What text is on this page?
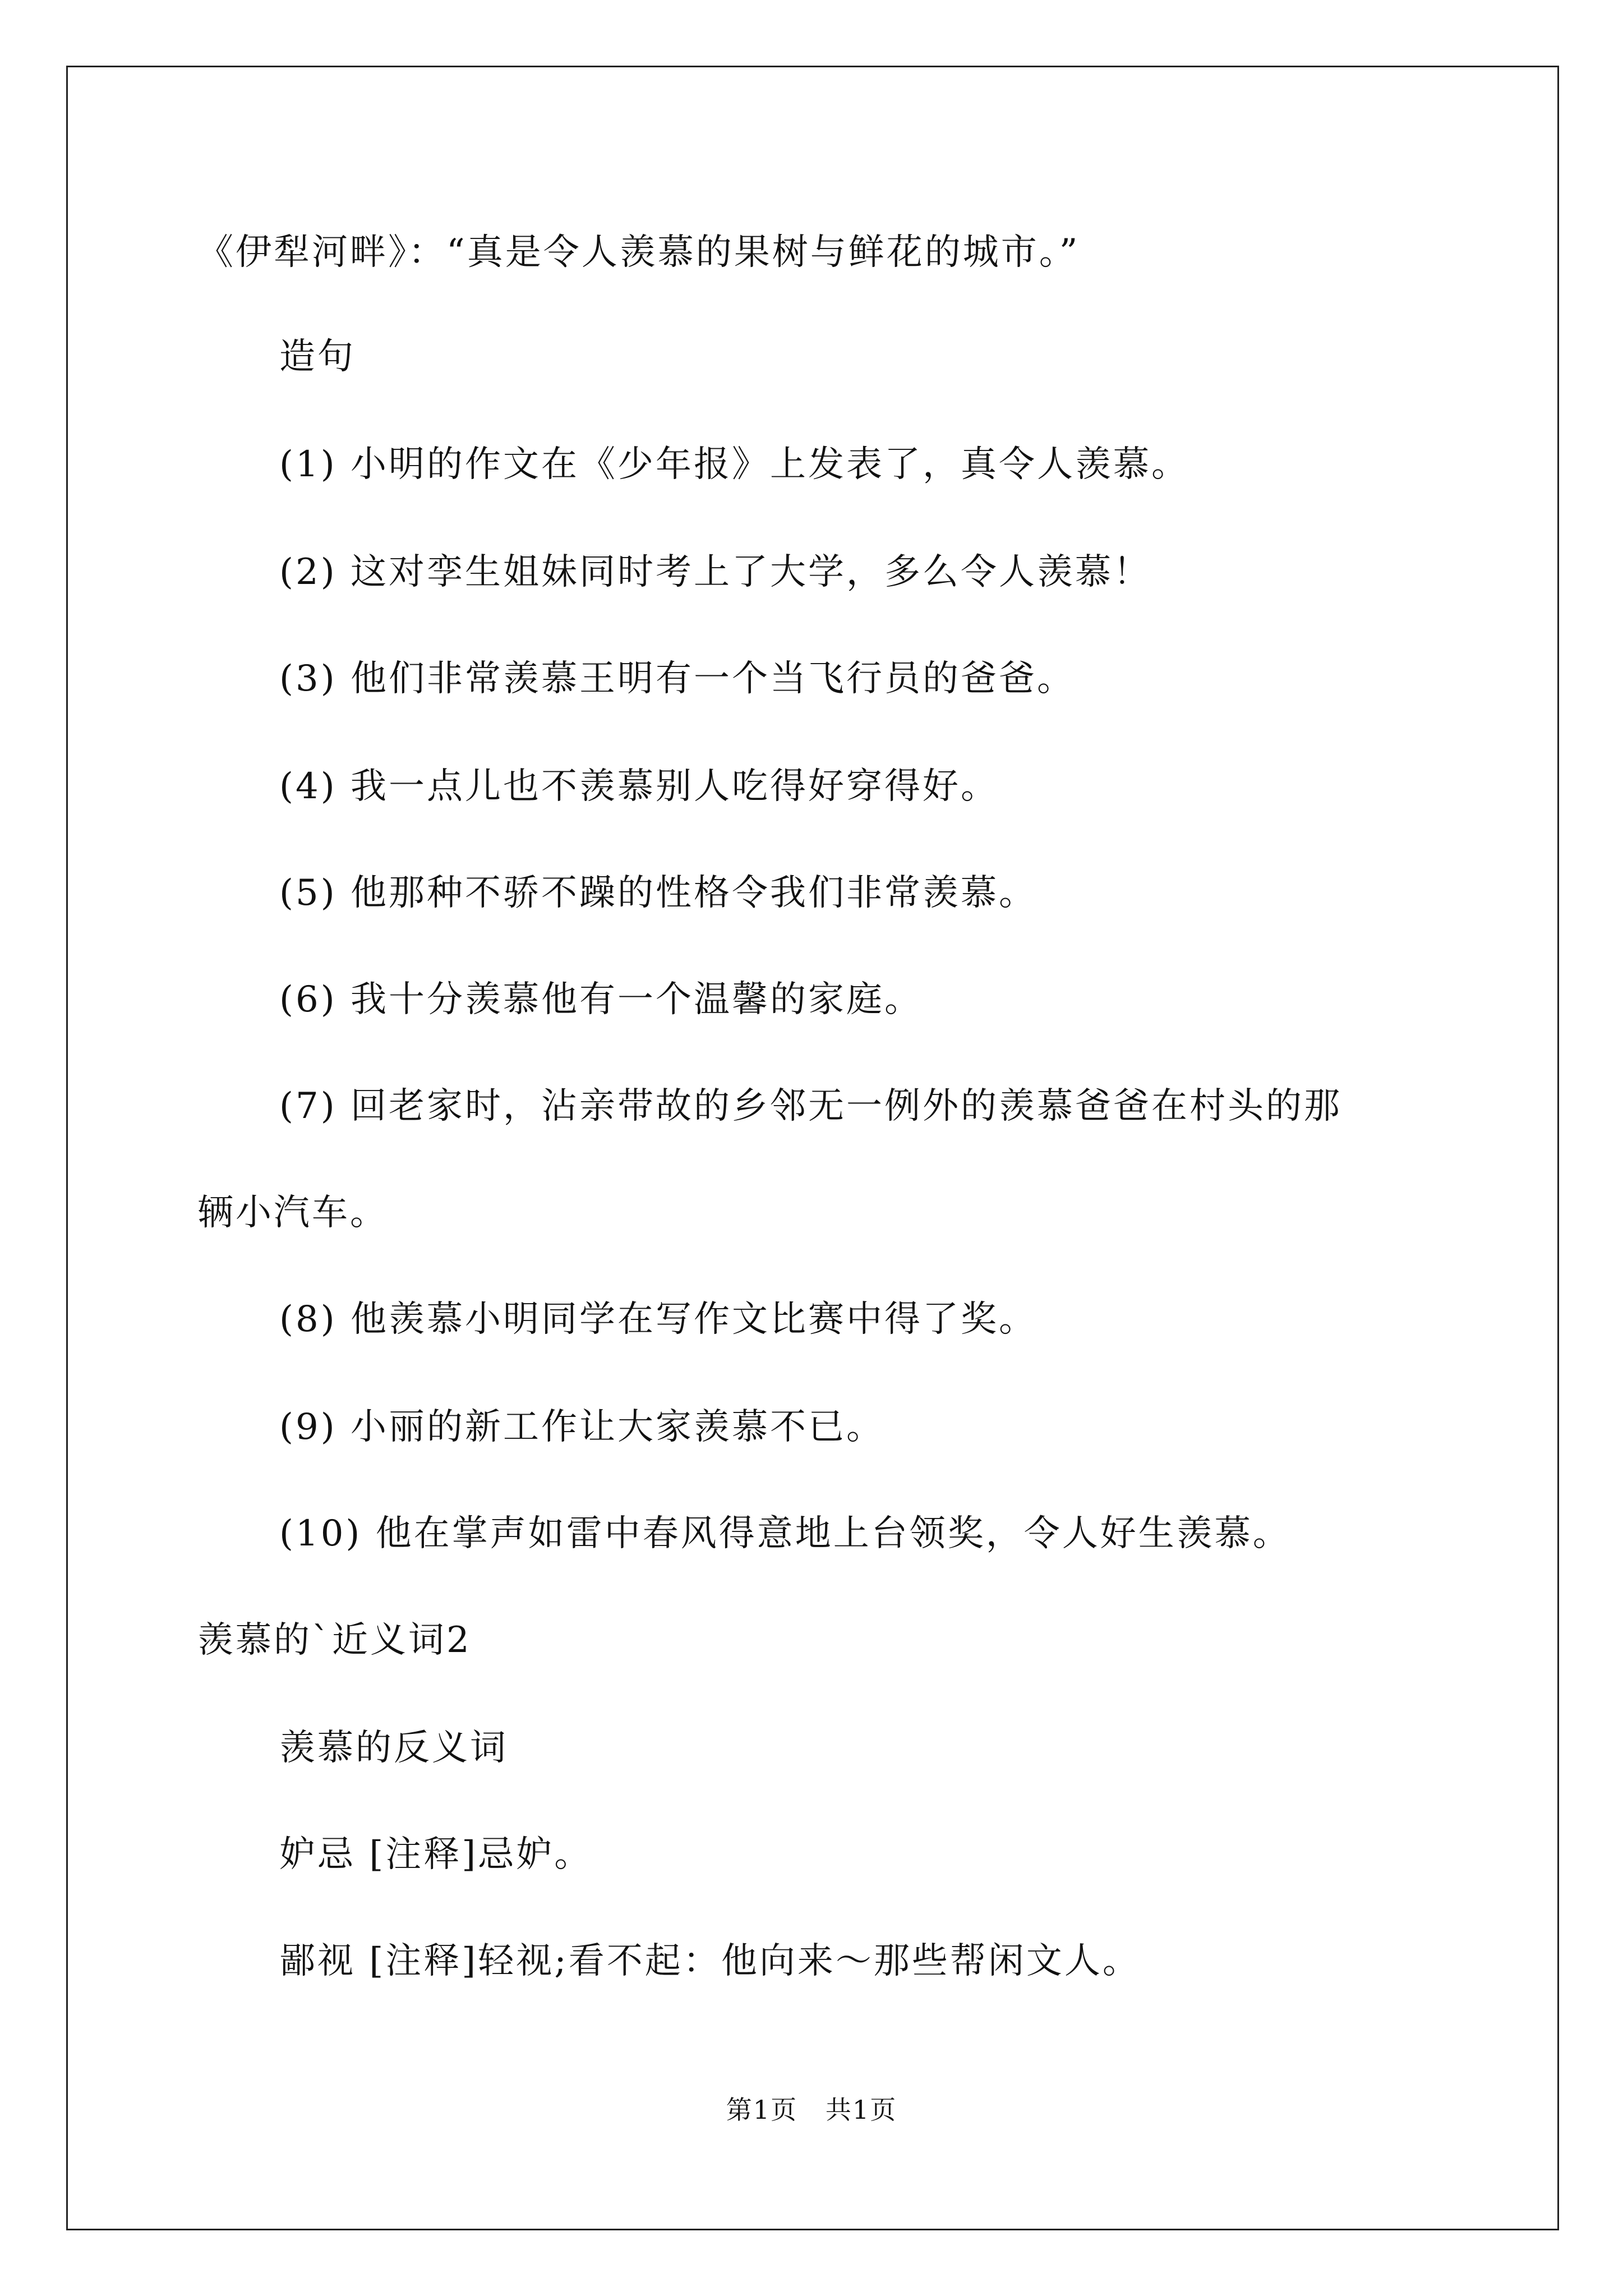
《伊犁河畔》：“真是令人羡慕的果树与鲜花的城市。”
造句
(1) 小明的作文在《少年报》上发表了，真令人羡慕。
(2) 这对孪生姐妹同时考上了大学，多么令人羡慕！
(3) 他们非常羡慕王明有一个当飞行员的爸爸。
(4) 我一点儿也不羡慕别人吃得好穿得好。
(5) 他那种不骄不躁的性格令我们非常羡慕。
(6) 我十分羡慕他有一个温馨的家庭。
(7) 回老家时，沾亲带故的乡邻无一例外的羡慕爸爸在村头的那
辆小汽车。
(8) 他羡慕小明同学在写作文比赛中得了奖。
(9) 小丽的新工作让大家羡慕不已。
(10) 他在掌声如雷中春风得意地上台领奖，令人好生羡慕。
羡慕的`近义词2
羡慕的反义词
妒忌 [注释]忌妒。
鄙视 [注释]轻视;看不起：他向来～那些帮闲文人。
第1页   共1页
